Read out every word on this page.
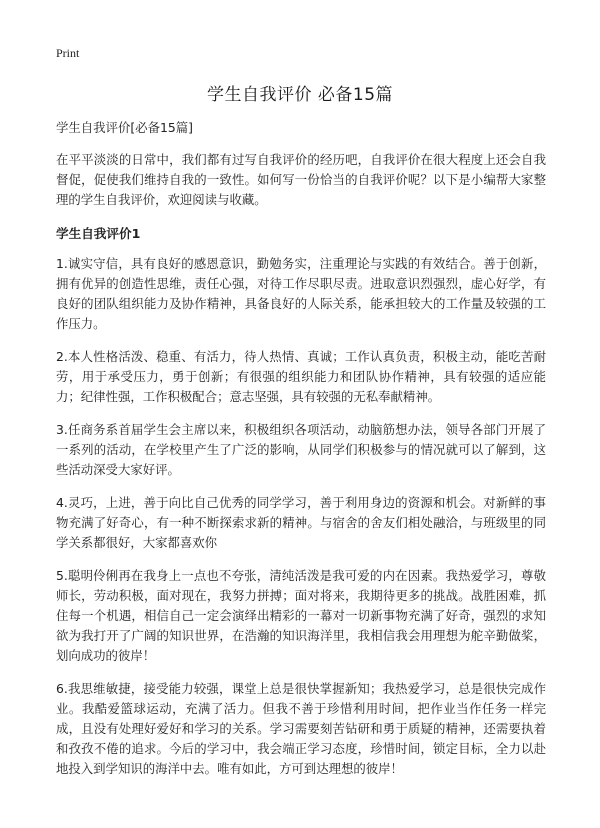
Print
学生自我评价 必备15篇

学生自我评价[必备15篇]

在平平淡淡的日常中，我们都有过写自我评价的经历吧，自我评价在很大程度上还会自我督促，促使我们维持自我的一致性。如何写一份恰当的自我评价呢？以下是小编帮大家整理的学生自我评价，欢迎阅读与收藏。

学生自我评价1

1.诚实守信，具有良好的感恩意识，勤勉务实，注重理论与实践的有效结合。善于创新，拥有优异的创造性思维，责任心强，对待工作尽职尽责。进取意识烈强烈，虚心好学，有良好的团队组织能力及协作精神，具备良好的人际关系，能承担较大的工作量及较强的工作压力。

2.本人性格活泼、稳重、有活力，待人热情、真诚；工作认真负责，积极主动，能吃苦耐劳，用于承受压力，勇于创新；有很强的组织能力和团队协作精神，具有较强的适应能力；纪律性强，工作积极配合；意志坚强，具有较强的无私奉献精神。

3.任商务系首届学生会主席以来，积极组织各项活动，动脑筋想办法，领导各部门开展了一系列的活动，在学校里产生了广泛的影响，从同学们积极参与的情况就可以了解到，这些活动深受大家好评。

4.灵巧，上进，善于向比自己优秀的同学学习，善于利用身边的资源和机会。对新鲜的事物充满了好奇心，有一种不断探索求新的精神。与宿舍的舍友们相处融洽，与班级里的同学关系都很好，大家都喜欢你

5.聪明伶俐再在我身上一点也不夸张，清纯活泼是我可爱的内在因素。我热爱学习，尊敬师长，劳动积极，面对现在，我努力拼搏；面对将来，我期待更多的挑战。战胜困难，抓住每一个机遇，相信自己一定会演绎出精彩的一幕对一切新事物充满了好奇，强烈的求知欲为我打开了广阔的知识世界，在浩瀚的知识海洋里，我相信我会用理想为舵辛勤做桨，划向成功的彼岸！

6.我思维敏捷，接受能力较强，课堂上总是很快掌握新知；我热爱学习，总是很快完成作业。我酷爱篮球运动，充满了活力。但我不善于珍惜利用时间，把作业当作任务一样完成，且没有处理好爱好和学习的关系。学习需要刻苦钻研和勇于质疑的精神，还需要执着和孜孜不倦的追求。今后的学习中，我会端正学习态度，珍惜时间，锁定目标，全力以赴地投入到学知识的海洋中去。唯有如此，方可到达理想的彼岸！
